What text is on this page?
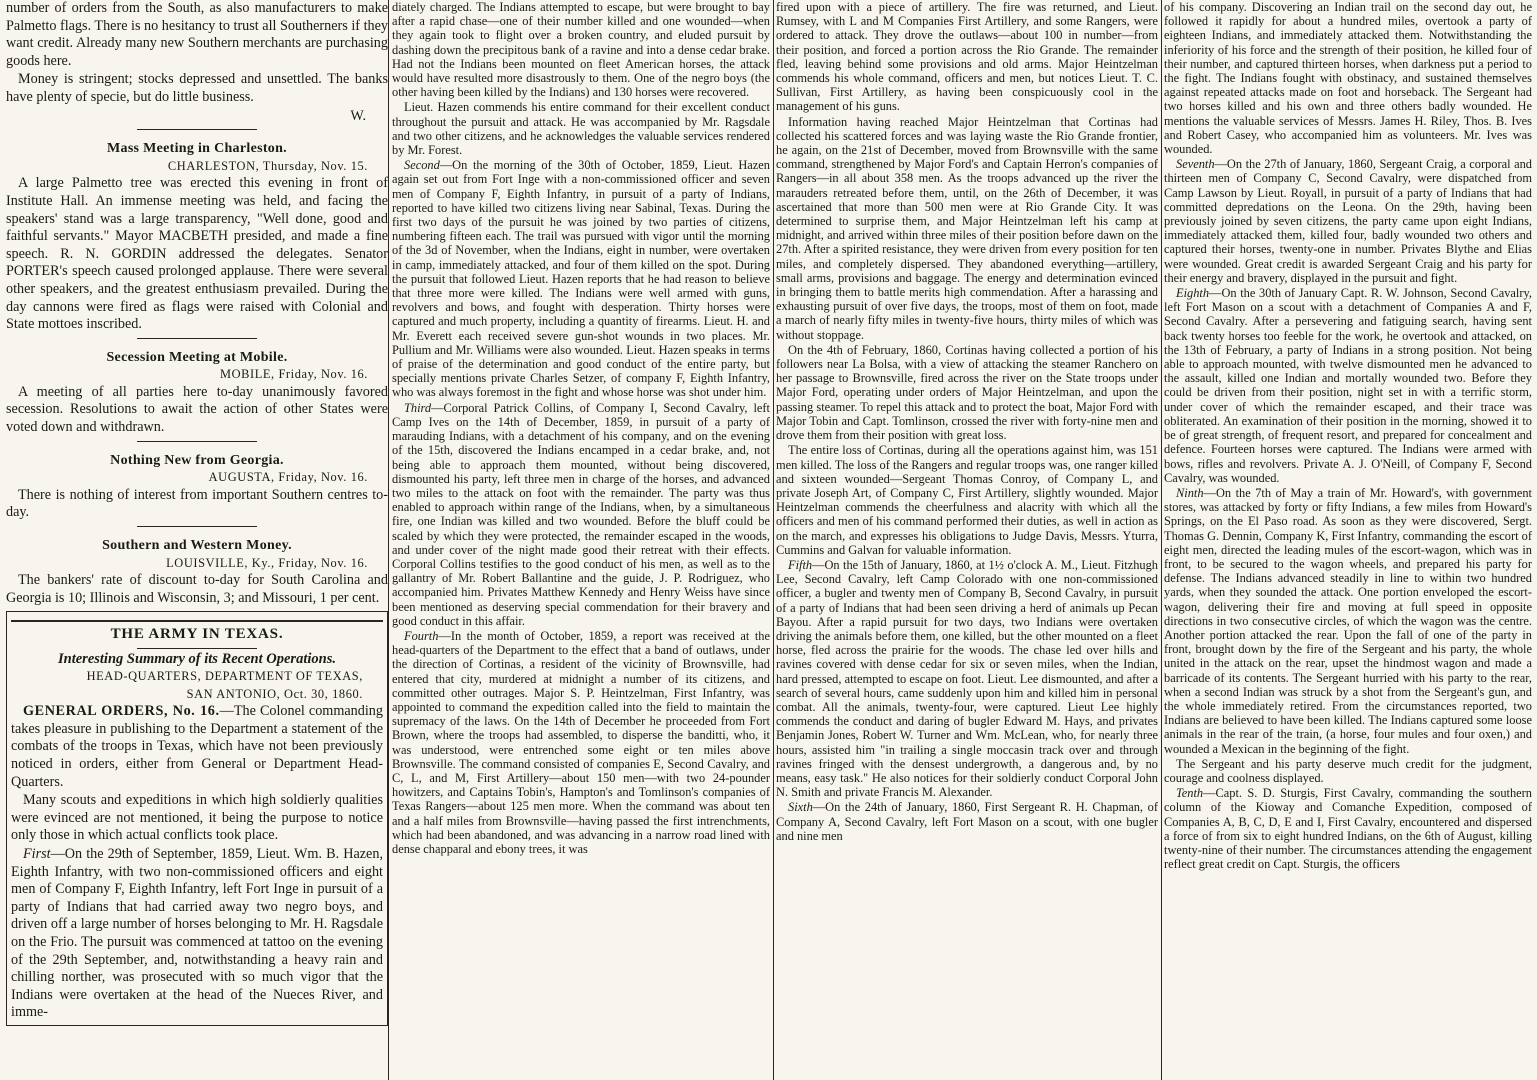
number of orders from the South, as also manufacturers to make Palmetto flags. There is no hesitancy to trust all Southerners if they want credit. Already many new Southern merchants are purchasing goods here.

Money is stringent; stocks depressed and unsettled. The banks have plenty of specie, but do little business.

W.
Mass Meeting in Charleston.
CHARLESTON, Thursday, Nov. 15.

A large Palmetto tree was erected this evening in front of Institute Hall. An immense meeting was held, and facing the speakers' stand was a large transparency, "Well done, good and faithful servants." Mayor MACBETH presided, and made a fine speech. R. N. GORDIN addressed the delegates. Senator PORTER's speech caused prolonged applause. There were several other speakers, and the greatest enthusiasm prevailed. During the day cannons were fired as flags were raised with Colonial and State mottoes inscribed.

Secession Meeting at Mobile.
MOBILE, Friday, Nov. 16.

A meeting of all parties here to-day unanimously favored secession. Resolutions to await the action of other States were voted down and withdrawn.

Nothing New from Georgia.
AUGUSTA, Friday, Nov. 16.

There is nothing of interest from important Southern centres to-day.

Southern and Western Money.
LOUISVILLE, Ky., Friday, Nov. 16.

The bankers' rate of discount to-day for South Carolina and Georgia is 10; Illinois and Wisconsin, 3; and Missouri, 1 per cent.

THE ARMY IN TEXAS.
Interesting Summary of its Recent Operations.
HEAD-QUARTERS, DEPARTMENT OF TEXAS,
SAN ANTONIO, Oct. 30, 1860.

GENERAL ORDERS, No. 16.—The Colonel commanding takes pleasure in publishing to the Department a statement of the combats of the troops in Texas, which have not been previously noticed in orders, either from General or Department Head-Quarters.

Many scouts and expeditions in which high soldierly qualities were evinced are not mentioned, it being the purpose to notice only those in which actual conflicts took place.

First—On the 29th of September, 1859, Lieut. Wm. B. Hazen, Eighth Infantry, with two non-commissioned officers and eight men of Company F, Eighth Infantry, left Fort Inge in pursuit of a party of Indians that had carried away two negro boys, and driven off a large number of horses belonging to Mr. H. Ragsdale on the Frio. The pursuit was commenced at tattoo on the evening of the 29th September, and, notwithstanding a heavy rain and chilling norther, was prosecuted with so much vigor that the Indians were overtaken at the head of the Nueces River, and imme-

diately charged. The Indians attempted to escape, but were brought to bay after a rapid chase—one of their number killed and one wounded—when they again took to flight over a broken country, and eluded pursuit by dashing down the precipitous bank of a ravine and into a dense cedar brake. Had not the Indians been mounted on fleet American horses, the attack would have resulted more disastrously to them. One of the negro boys (the other having been killed by the Indians) and 130 horses were recovered.

Lieut. Hazen commends his entire command for their excellent conduct throughout the pursuit and attack. He was accompanied by Mr. Ragsdale and two other citizens, and he acknowledges the valuable services rendered by Mr. Forest.

Second—On the morning of the 30th of October, 1859, Lieut. Hazen again set out from Fort Inge with a non-commissioned officer and seven men of Company F, Eighth Infantry, in pursuit of a party of Indians, reported to have killed two citizens living near Sabinal, Texas. During the first two days of the pursuit he was joined by two parties of citizens, numbering fifteen each. The trail was pursued with vigor until the morning of the 3d of November, when the Indians, eight in number, were overtaken in camp, immediately attacked, and four of them killed on the spot. During the pursuit that followed Lieut. Hazen reports that he had reason to believe that three more were killed. The Indians were well armed with guns, revolvers and bows, and fought with desperation. Thirty horses were captured and much property, including a quantity of firearms. Lieut. H. and Mr. Everett each received severe gun-shot wounds in two places. Mr. Pullium and Mr. Williams were also wounded. Lieut. Hazen speaks in terms of praise of the determination and good conduct of the entire party, but specially mentions private Charles Setzer, of company F, Eighth Infantry, who was always foremost in the fight and whose horse was shot under him.

Third—Corporal Patrick Collins, of Company I, Second Cavalry, left Camp Ives on the 14th of December, 1859, in pursuit of a party of marauding Indians, with a detachment of his company, and on the evening of the 15th, discovered the Indians encamped in a cedar brake, and, not being able to approach them mounted, without being discovered, dismounted his party, left three men in charge of the horses, and advanced two miles to the attack on foot with the remainder. The party was thus enabled to approach within range of the Indians, when, by a simultaneous fire, one Indian was killed and two wounded. Before the bluff could be scaled by which they were protected, the remainder escaped in the woods, and under cover of the night made good their retreat with their effects. Corporal Collins testifies to the good conduct of his men, as well as to the gallantry of Mr. Robert Ballantine and the guide, J. P. Rodriguez, who accompanied him. Privates Matthew Kennedy and Henry Weiss have since been mentioned as deserving special commendation for their bravery and good conduct in this affair.

Fourth—In the month of October, 1859, a report was received at the head-quarters of the Department to the effect that a band of outlaws, under the direction of Cortinas, a resident of the vicinity of Brownsville, had entered that city, murdered at midnight a number of its citizens, and committed other outrages. Major S. P. Heintzelman, First Infantry, was appointed to command the expedition called into the field to maintain the supremacy of the laws. On the 14th of December he proceeded from Fort Brown, where the troops had assembled, to disperse the banditti, who, it was understood, were entrenched some eight or ten miles above Brownsville. The command consisted of companies E, Second Cavalry, and C, L, and M, First Artillery—about 150 men—with two 24-pounder howitzers, and Captains Tobin's, Hampton's and Tomlinson's companies of Texas Rangers—about 125 men more. When the command was about ten and a half miles from Brownsville—having passed the first intrenchments, which had been abandoned, and was advancing in a narrow road lined with dense chapparal and ebony trees, it was

fired upon with a piece of artillery. The fire was returned, and Lieut. Rumsey, with L and M Companies First Artillery, and some Rangers, were ordered to attack. They drove the outlaws—about 100 in number—from their position, and forced a portion across the Rio Grande. The remainder fled, leaving behind some provisions and old arms. Major Heintzelman commends his whole command, officers and men, but notices Lieut. T. C. Sullivan, First Artillery, as having been conspicuously cool in the management of his guns.

Information having reached Major Heintzelman that Cortinas had collected his scattered forces and was laying waste the Rio Grande frontier, he again, on the 21st of December, moved from Brownsville with the same command, strengthened by Major Ford's and Captain Herron's companies of Rangers—in all about 358 men. As the troops advanced up the river the marauders retreated before them, until, on the 26th of December, it was ascertained that more than 500 men were at Rio Grande City. It was determined to surprise them, and Major Heintzelman left his camp at midnight, and arrived within three miles of their position before dawn on the 27th. After a spirited resistance, they were driven from every position for ten miles, and completely dispersed. They abandoned everything—artillery, small arms, provisions and baggage. The energy and determination evinced in bringing them to battle merits high commendation. After a harassing and exhausting pursuit of over five days, the troops, most of them on foot, made a march of nearly fifty miles in twenty-five hours, thirty miles of which was without stoppage.

On the 4th of February, 1860, Cortinas having collected a portion of his followers near La Bolsa, with a view of attacking the steamer Ranchero on her passage to Brownsville, fired across the river on the State troops under Major Ford, operating under orders of Major Heintzelman, and upon the passing steamer. To repel this attack and to protect the boat, Major Ford with Major Tobin and Capt. Tomlinson, crossed the river with forty-nine men and drove them from their position with great loss.

The entire loss of Cortinas, during all the operations against him, was 151 men killed. The loss of the Rangers and regular troops was, one ranger killed and sixteen wounded—Sergeant Thomas Conroy, of Company L, and private Joseph Art, of Company C, First Artillery, slightly wounded. Major Heintzelman commends the cheerfulness and alacrity with which all the officers and men of his command performed their duties, as well in action as on the march, and expresses his obligations to Judge Davis, Messrs. Yturra, Cummins and Galvan for valuable information.

Fifth—On the 15th of January, 1860, at 1½ o'clock A. M., Lieut. Fitzhugh Lee, Second Cavalry, left Camp Colorado with one non-commissioned officer, a bugler and twenty men of Company B, Second Cavalry, in pursuit of a party of Indians that had been seen driving a herd of animals up Pecan Bayou. After a rapid pursuit for two days, two Indians were overtaken driving the animals before them, one killed, but the other mounted on a fleet horse, fled across the prairie for the woods. The chase led over hills and ravines covered with dense cedar for six or seven miles, when the Indian, hard pressed, attempted to escape on foot. Lieut. Lee dismounted, and after a search of several hours, came suddenly upon him and killed him in personal combat. All the animals, twenty-four, were captured. Lieut Lee highly commends the conduct and daring of bugler Edward M. Hays, and privates Benjamin Jones, Robert W. Turner and Wm. McLean, who, for nearly three hours, assisted him "in trailing a single moccasin track over and through ravines fringed with the densest undergrowth, a dangerous and, by no means, easy task." He also notices for their soldierly conduct Corporal John N. Smith and private Francis M. Alexander.

Sixth—On the 24th of January, 1860, First Sergeant R. H. Chapman, of Company A, Second Cavalry, left Fort Mason on a scout, with one bugler and nine men

of his company. Discovering an Indian trail on the second day out, he followed it rapidly for about a hundred miles, overtook a party of eighteen Indians, and immediately attacked them. Notwithstanding the inferiority of his force and the strength of their position, he killed four of their number, and captured thirteen horses, when darkness put a period to the fight. The Indians fought with obstinacy, and sustained themselves against repeated attacks made on foot and horseback. The Sergeant had two horses killed and his own and three others badly wounded. He mentions the valuable services of Messrs. James H. Riley, Thos. B. Ives and Robert Casey, who accompanied him as volunteers. Mr. Ives was wounded.

Seventh—On the 27th of January, 1860, Sergeant Craig, a corporal and thirteen men of Company C, Second Cavalry, were dispatched from Camp Lawson by Lieut. Royall, in pursuit of a party of Indians that had committed depredations on the Leona. On the 29th, having been previously joined by seven citizens, the party came upon eight Indians, immediately attacked them, killed four, badly wounded two others and captured their horses, twenty-one in number. Privates Blythe and Elias were wounded. Great credit is awarded Sergeant Craig and his party for their energy and bravery, displayed in the pursuit and fight.

Eighth—On the 30th of January Capt. R. W. Johnson, Second Cavalry, left Fort Mason on a scout with a detachment of Companies A and F, Second Cavalry. After a persevering and fatiguing search, having sent back twenty horses too feeble for the work, he overtook and attacked, on the 13th of February, a party of Indians in a strong position. Not being able to approach mounted, with twelve dismounted men he advanced to the assault, killed one Indian and mortally wounded two. Before they could be driven from their position, night set in with a terrific storm, under cover of which the remainder escaped, and their trace was obliterated. An examination of their position in the morning, showed it to be of great strength, of frequent resort, and prepared for concealment and defence. Fourteen horses were captured. The Indians were armed with bows, rifles and revolvers. Private A. J. O'Neill, of Company F, Second Cavalry, was wounded.

Ninth—On the 7th of May a train of Mr. Howard's, with government stores, was attacked by forty or fifty Indians, a few miles from Howard's Springs, on the El Paso road. As soon as they were discovered, Sergt. Thomas G. Dennin, Company K, First Infantry, commanding the escort of eight men, directed the leading mules of the escort-wagon, which was in front, to be secured to the wagon wheels, and prepared his party for defense. The Indians advanced steadily in line to within two hundred yards, when they sounded the attack. One portion enveloped the escort-wagon, delivering their fire and moving at full speed in opposite directions in two consecutive circles, of which the wagon was the centre. Another portion attacked the rear. Upon the fall of one of the party in front, brought down by the fire of the Sergeant and his party, the whole united in the attack on the rear, upset the hindmost wagon and made a barricade of its contents. The Sergeant hurried with his party to the rear, when a second Indian was struck by a shot from the Sergeant's gun, and the whole immediately retired. From the circumstances reported, two Indians are believed to have been killed. The Indians captured some loose animals in the rear of the train, (a horse, four mules and four oxen,) and wounded a Mexican in the beginning of the fight.

The Sergeant and his party deserve much credit for the judgment, courage and coolness displayed.

Tenth—Capt. S. D. Sturgis, First Cavalry, commanding the southern column of the Kioway and Comanche Expedition, composed of Companies A, B, C, D, E and I, First Cavalry, encountered and dispersed a force of from six to eight hundred Indians, on the 6th of August, killing twenty-nine of their number. The circumstances attending the engagement reflect great credit on Capt. Sturgis, the officers
